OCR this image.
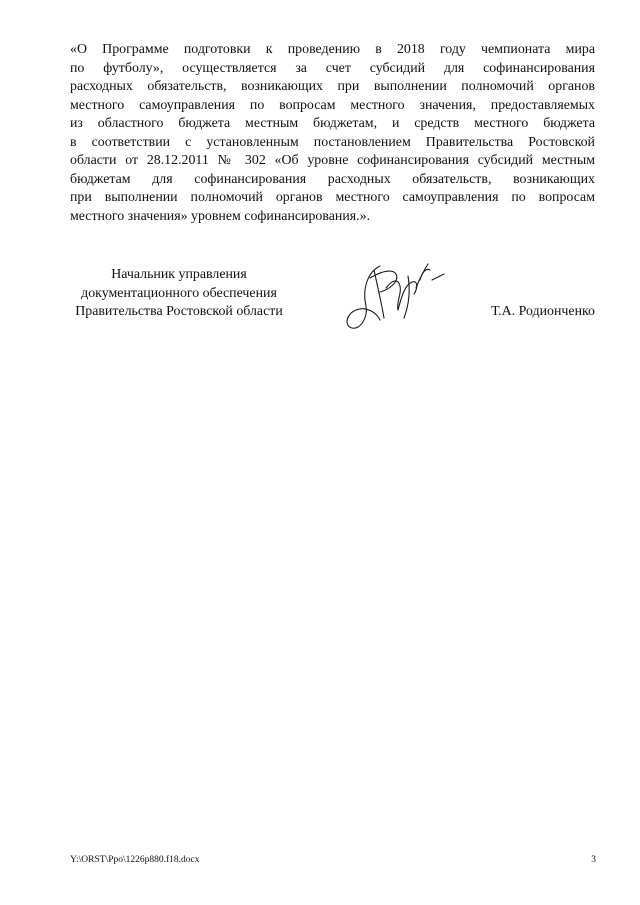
«О Программе подготовки к проведению в 2018 году чемпионата мира
по футболу», осуществляется за счет субсидий для софинансирования
расходных обязательств, возникающих при выполнении полномочий органов
местного самоуправления по вопросам местного значения, предоставляемых
из областного бюджета местным бюджетам, и средств местного бюджета
в соответствии с установленным постановлением Правительства Ростовской
области от 28.12.2011 № 302 «Об уровне софинансирования субсидий местным
бюджетам для софинансирования расходных обязательств, возникающих
при выполнении полномочий органов местного самоуправления по вопросам
местного значения» уровнем софинансирования.».
Начальник управления
документационного обеспечения
Правительства Ростовской области	Т.А. Родионченко
Y:\ORST\Ppo\1226p880.f18.docx	3
